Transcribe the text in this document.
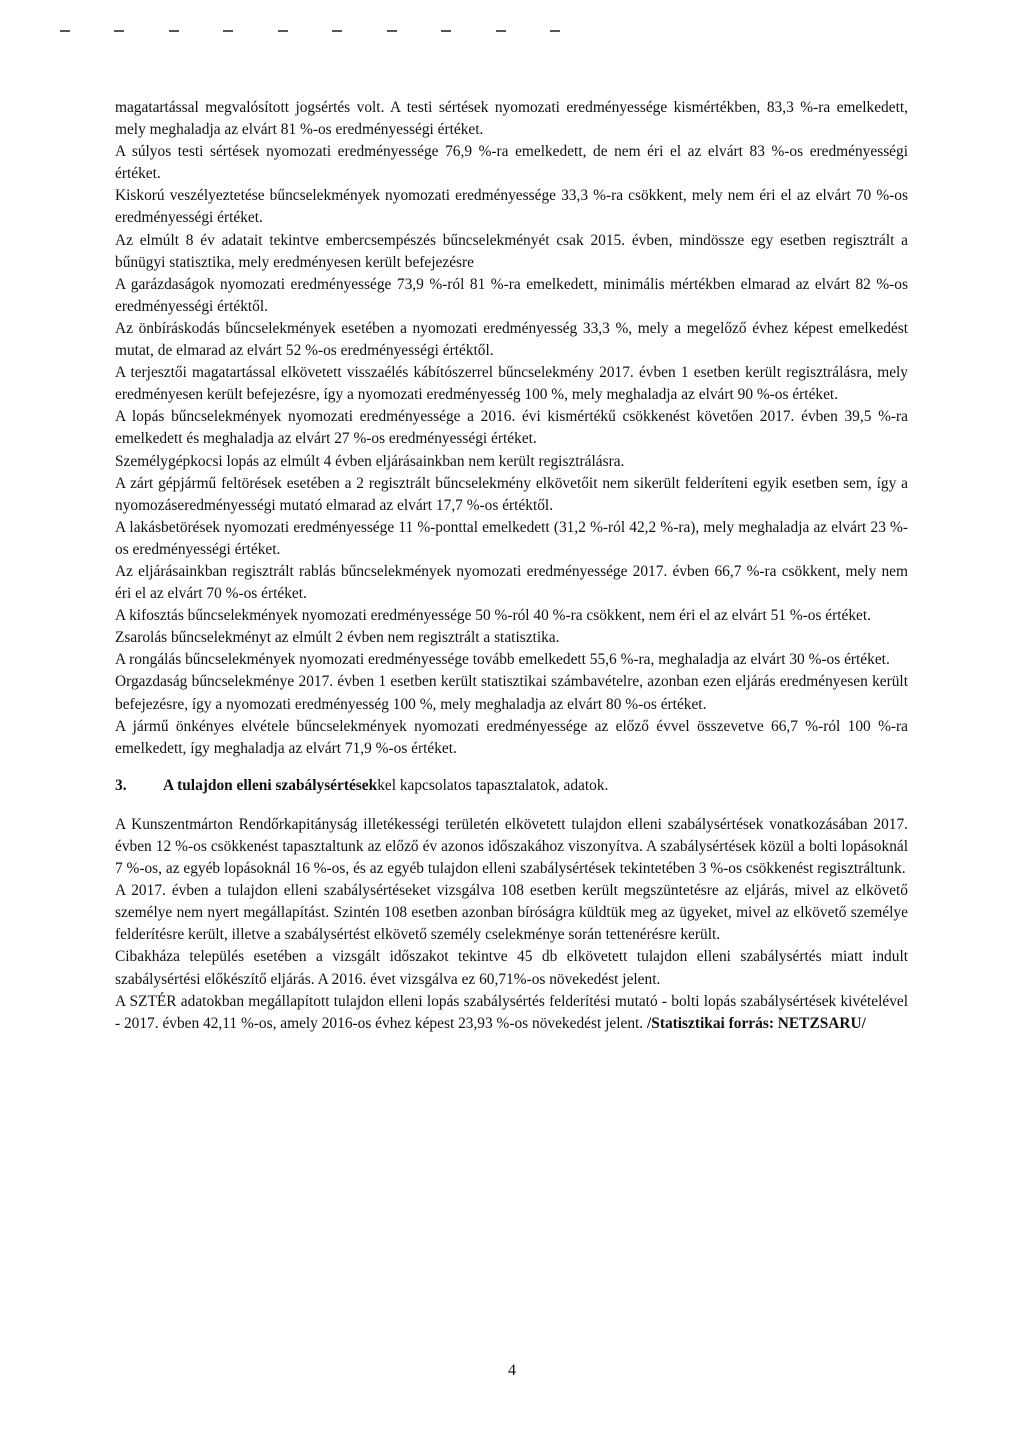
magatartással megvalósított jogsértés volt. A testi sértések nyomozati eredményessége kismértékben, 83,3 %-ra emelkedett, mely meghaladja az elvárt 81 %-os eredményességi értéket.

A súlyos testi sértések nyomozati eredményessége 76,9 %-ra emelkedett, de nem éri el az elvárt 83 %-os eredményességi értéket.

Kiskorú veszélyeztetése bűncselekmények nyomozati eredményessége 33,3 %-ra csökkent, mely nem éri el az elvárt 70 %-os eredményességi értéket.

Az elmúlt 8 év adatait tekintve embercsempészés bűncselekményét csak 2015. évben, mindössze egy esetben regisztrált a bűnügyi statisztika, mely eredményesen került befejezésre

A garázdaságok nyomozati eredményessége 73,9 %-ról 81 %-ra emelkedett, minimális mértékben elmarad az elvárt 82 %-os eredményességi értéktől.

Az önbíráskodás bűncselekmények esetében a nyomozati eredményesség 33,3 %, mely a megelőző évhez képest emelkedést mutat, de elmarad az elvárt 52 %-os eredményességi értéktől.

A terjesztői magatartással elkövetett visszaélés kábítószerrel bűncselekmény 2017. évben 1 esetben került regisztrálásra, mely eredményesen került befejezésre, így a nyomozati eredményesség 100 %, mely meghaladja az elvárt 90 %-os értéket.

A lopás bűncselekmények nyomozati eredményessége a 2016. évi kismértékű csökkenést követően 2017. évben 39,5 %-ra emelkedett és meghaladja az elvárt 27 %-os eredményességi értéket.

Személygépkocsi lopás az elmúlt 4 évben eljárásainkban nem került regisztrálásra.

A zárt gépjármű feltörések esetében a 2 regisztrált bűncselekmény elkövetőit nem sikerült felderíteni egyik esetben sem, így a nyomozáseredményességi mutató elmarad az elvárt 17,7 %-os értéktől.

A lakásbetörések nyomozati eredményessége 11 %-ponttal emelkedett (31,2 %-ról 42,2 %-ra), mely meghaladja az elvárt 23 %-os eredményességi értéket.

Az eljárásainkban regisztrált rablás bűncselekmények nyomozati eredményessége 2017. évben 66,7 %-ra csökkent, mely nem éri el az elvárt 70 %-os értéket.

A kifosztás bűncselekmények nyomozati eredményessége 50 %-ról 40 %-ra csökkent, nem éri el az elvárt 51 %-os értéket.

Zsarolás bűncselekményt az elmúlt 2 évben nem regisztrált a statisztika.

A rongálás bűncselekmények nyomozati eredményessége tovább emelkedett 55,6 %-ra, meghaladja az elvárt 30 %-os értéket.

Orgazdaság bűncselekménye 2017. évben 1 esetben került statisztikai számbavételre, azonban ezen eljárás eredményesen került befejezésre, így a nyomozati eredményesség 100 %, mely meghaladja az elvárt 80 %-os értéket.

A jármű önkényes elvétele bűncselekmények nyomozati eredményessége az előző évvel összevetve 66,7 %-ról 100 %-ra emelkedett, így meghaladja az elvárt 71,9 %-os értéket.

3.	A tulajdon elleni szabálysértésekkel kapcsolatos tapasztalatok, adatok.

A Kunszentmárton Rendőrkapitányság illetékességi területén elkövetett tulajdon elleni szabálysértések vonatkozásában 2017. évben 12 %-os csökkenést tapasztaltunk az előző év azonos időszakához viszonyítva. A szabálysértések közül a bolti lopásoknál 7 %-os, az egyéb lopásoknál 16 %-os, és az egyéb tulajdon elleni szabálysértések tekintetében 3 %-os csökkenést regisztráltunk.

A 2017. évben a tulajdon elleni szabálysértéseket vizsgálva 108 esetben került megszüntetésre az eljárás, mivel az elkövető személye nem nyert megállapítást. Szintén 108 esetben azonban bíróságra küldtük meg az ügyeket, mivel az elkövető személye felderítésre került, illetve a szabálysértést elkövető személy cselekménye során tettenérésre került.

Cibakháza település esetében a vizsgált időszakot tekintve 45 db elkövetett tulajdon elleni szabálysértés miatt indult szabálysértési előkészítő eljárás. A 2016. évet vizsgálva ez 60,71%-os növekedést jelent.

A SZTÉR adatokban megállapított tulajdon elleni lopás szabálysértés felderítési mutató - bolti lopás szabálysértések kivételével - 2017. évben 42,11 %-os, amely 2016-os évhez képest 23,93 %-os növekedést jelent. /Statisztikai forrás: NETZSARU/

4
